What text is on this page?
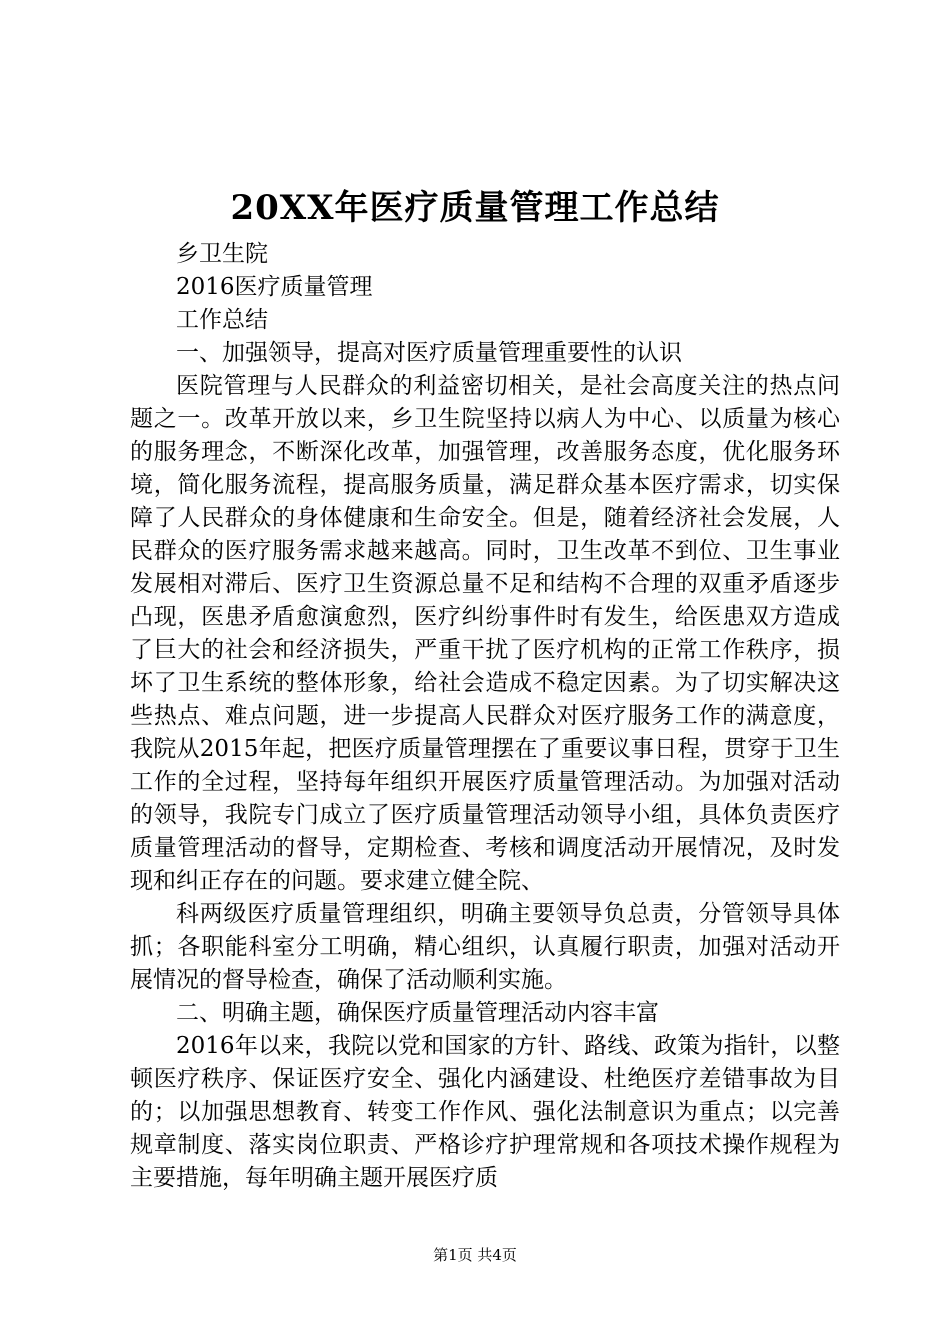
20XX年医疗质量管理工作总结

乡卫生院

2016医疗质量管理

工作总结

一、加强领导，提高对医疗质量管理重要性的认识

医院管理与人民群众的利益密切相关，是社会高度关注的热点问题之一。改革开放以来，乡卫生院坚持以病人为中心、以质量为核心的服务理念，不断深化改革，加强管理，改善服务态度，优化服务环境，简化服务流程，提高服务质量，满足群众基本医疗需求，切实保障了人民群众的身体健康和生命安全。但是，随着经济社会发展，人民群众的医疗服务需求越来越高。同时，卫生改革不到位、卫生事业发展相对滞后、医疗卫生资源总量不足和结构不合理的双重矛盾逐步凸现，医患矛盾愈演愈烈，医疗纠纷事件时有发生，给医患双方造成了巨大的社会和经济损失，严重干扰了医疗机构的正常工作秩序，损坏了卫生系统的整体形象，给社会造成不稳定因素。为了切实解决这些热点、难点问题，进一步提高人民群众对医疗服务工作的满意度，我院从2015年起，把医疗质量管理摆在了重要议事日程，贯穿于卫生工作的全过程，坚持每年组织开展医疗质量管理活动。为加强对活动的领导，我院专门成立了医疗质量管理活动领导小组，具体负责医疗质量管理活动的督导，定期检查、考核和调度活动开展情况，及时发现和纠正存在的问题。要求建立健全院、

科两级医疗质量管理组织，明确主要领导负总责，分管领导具体抓；各职能科室分工明确，精心组织，认真履行职责，加强对活动开展情况的督导检查，确保了活动顺利实施。

二、明确主题，确保医疗质量管理活动内容丰富

2016年以来，我院以党和国家的方针、路线、政策为指针，以整顿医疗秩序、保证医疗安全、强化内涵建设、杜绝医疗差错事故为目的；以加强思想教育、转变工作作风、强化法制意识为重点；以完善规章制度、落实岗位职责、严格诊疗护理常规和各项技术操作规程为主要措施，每年明确主题开展医疗质

第1页 共4页
